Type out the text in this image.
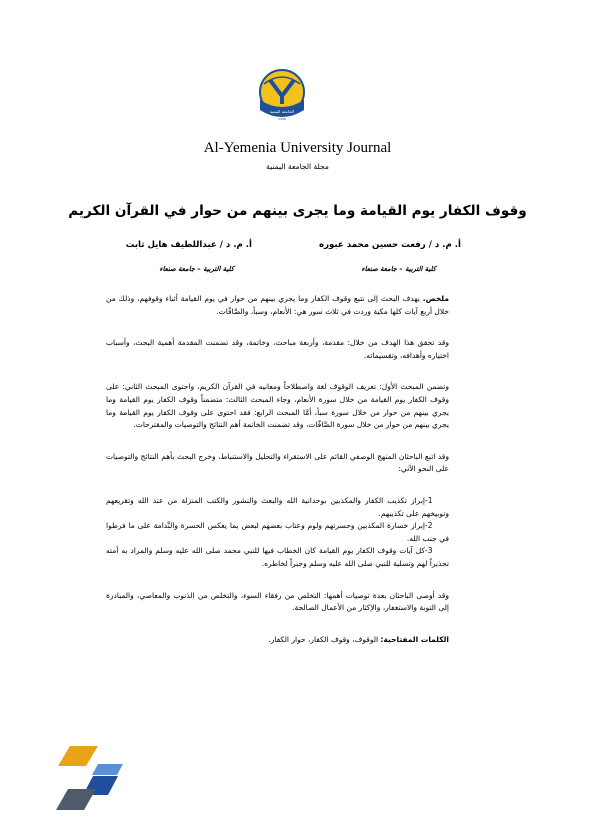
الجامعة اليمنية
1998
Al-Yemenia University Journal
مجلة الجامعة اليمنية
وقوف الكفار يوم القيامة وما يجرى بينهم من حوار في القرآن الكريم
أ. م. د / رفعت حسين محمد عبوره
كلية التربية – جامعة صنعاء
أ. م. د / عبداللطيف هايل ثابت
كلية التربية – جامعة صنعاء

ملخص. يهدف البحث إلى تتبع وقوف الكفار وما يجري بينهم من حوار في يوم القيامة أثناء وقوفهم، وذلك من خلال أربع آيات كلها مكية وردت في ثلاث سور هي: الأنعام، وسبأ، والصَّافّات.

وقد تحقق هذا الهدف من خلال: مقدمة، وأربعة مباحث، وخاتمة، وقد تضمنت المقدمة أهمية البحث، وأسباب اختياره وأهدافه، وتقسيماته.

وتضمن المبحث الأول: تعريف الوقوف لغة واصطلاحاً ومعانيه في القرآن الكريم، واحتوى المبحث الثاني: على وقوف الكفار يوم القيامة من خلال سورة الأنعام، وجاء المبحث الثالث: متضمناً وقوف الكفار يوم القيامة وما يجري بينهم من حوار من خلال سورة سبأ، أمَّا المبحث الرابع: فقد احتوى على وقوف الكفار يوم القيامة وما يجري بينهم من حوار من خلال سورة الصَّافّات، وقد تضمنت الخاتمة أهم النتائج والتوصيات والمقترحات.

وقد اتبع الباحثان المنهج الوصفي القائم على الاستقراء والتحليل والاستنباط، وخرج البحث بأهم النتائج والتوصيات على النحو الآتي:

1-إبراز تكذيب الكفار والمكذبين بوحدانية الله والبعث والنشور والكتب المنزلة من عند الله وتقريعهم وتوبيخهم على تكذيبهم.

2-إبراز خسارة المكذبين وحسرتهم ولوم وعتاب بعضهم لبعض بما يعكس الحسرة والنَّدامة على ما فرطوا في جنب الله.

3-كل آيات وقوف الكفار يوم القيامة كان الخطاب فيها للنبي محمد صلى الله عليه وسلم والمراد به أمته تحذيراً لهم وتسلية للنبي صلى الله عليه وسلم وجبراً لخاطره.

وقد أوصى الباحثان بعدة توصيات أهمها: التخلص من رفقاء السوء، والتخلص من الذنوب والمعاصي، والمبادرة إلى التوبة والاستغفار، والإكثار من الأعمال الصالحة.

الكلمات المفتاحية: الوقوف، وقوف الكفار، حوار الكفار.
